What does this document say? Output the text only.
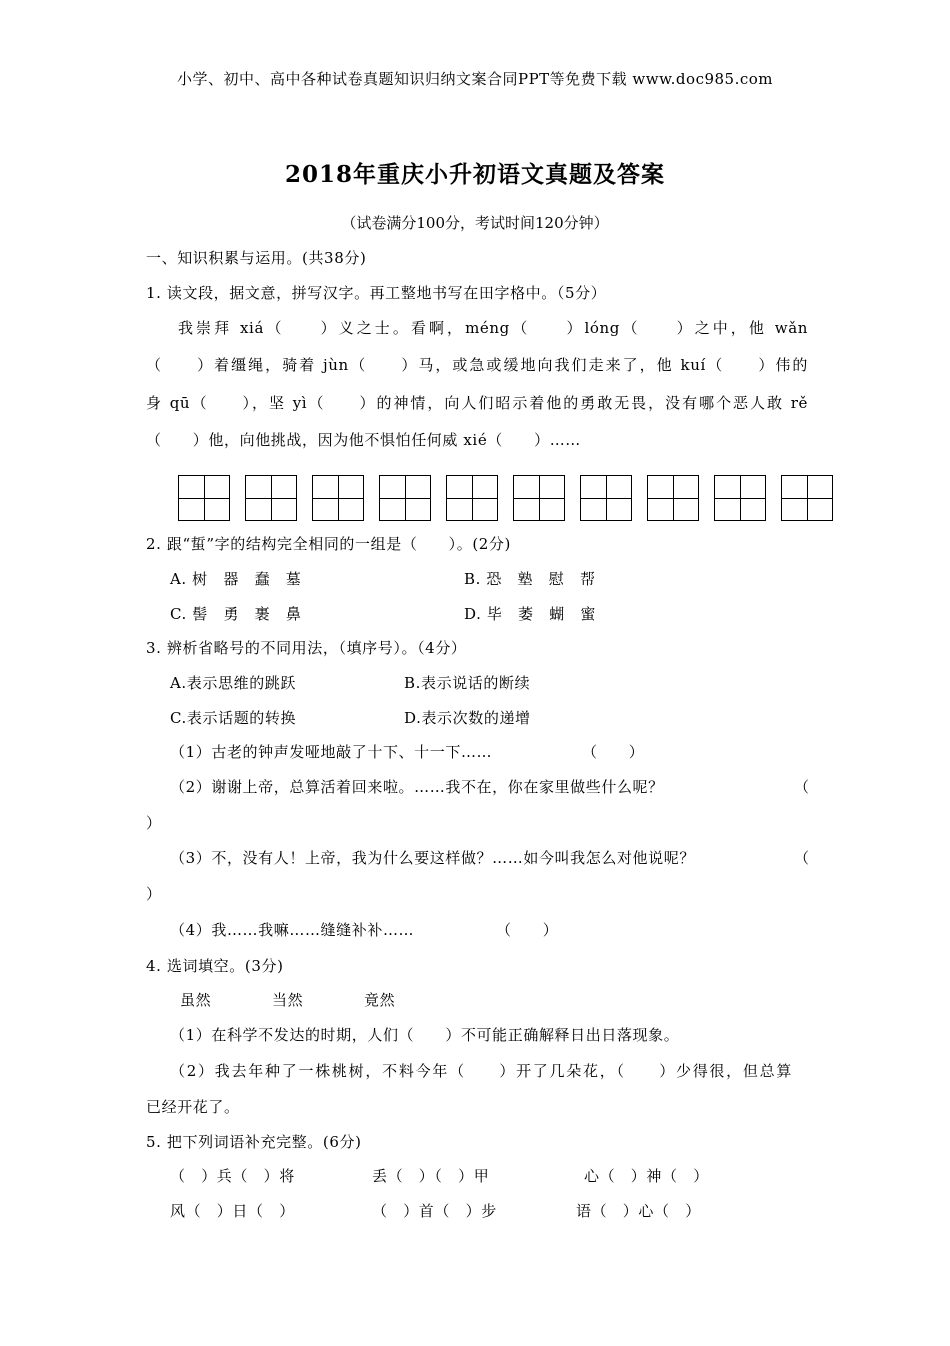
小学、初中、高中各种试卷真题知识归纳文案合同PPT等免费下载 www.doc985.com
2018年重庆小升初语文真题及答案
（试卷满分100分，考试时间120分钟）
一、知识积累与运用。(共38分)
1. 读文段，据文意，拼写汉字。再工整地书写在田字格中。（5分）
我崇拜 xiá（　　）义之士。看啊，méng（　　）lóng（　　）之中，他 wǎn
（　　）着缰绳，骑着 jùn（　　）马，或急或缓地向我们走来了，他 kuí（　　）伟的
身 qū（　　），坚 yì（　　）的神情，向人们昭示着他的勇敢无畏，没有哪个恶人敢 rě
（　　）他，向他挑战，因为他不惧怕任何威 xié（　　）……
2. 跟“蜇”字的结构完全相同的一组是（　　）。(2分)
A. 树　器　蠢　墓	B. 恐　塾　慰　帮
C. 髻　勇　裹　鼻	D. 毕　萎　蝴　蜜
3. 辨析省略号的不同用法，（填序号）。（4分）
A.表示思维的跳跃	B.表示说话的断续
C.表示话题的转换	D.表示次数的递增
（1）古老的钟声发哑地敲了十下、十一下……	（　　）
（2）谢谢上帝，总算活着回来啦。……我不在，你在家里做些什么呢？	（
）
（3）不，没有人！上帝，我为什么要这样做？……如今叫我怎么对他说呢？	（
）
（4）我……我嘛……缝缝补补……	（　　）
4. 选词填空。(3分)
虽然	当然	竟然
（1）在科学不发达的时期，人们（　　）不可能正确解释日出日落现象。
（2）我去年种了一株桃树，不料今年（　　）开了几朵花，（　　）少得很，但总算
已经开花了。
5. 把下列词语补充完整。(6分)
（　）兵（　）将	丢（　）（　）甲	心（　）神（　）
风（　）日（　）	（　）首（　）步	语（　）心（　）
